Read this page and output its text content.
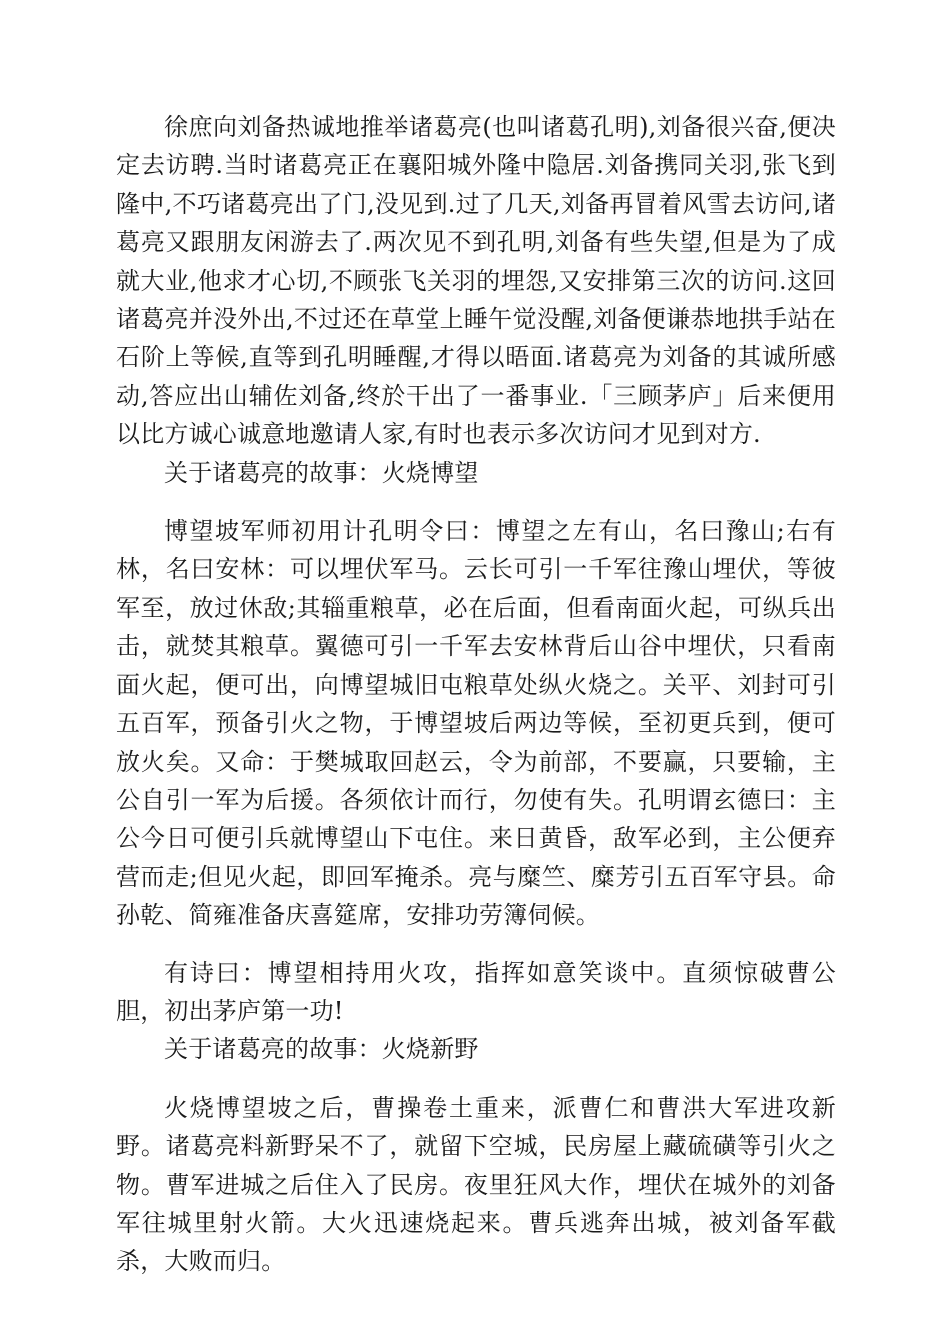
徐庶向刘备热诚地推举诸葛亮(也叫诸葛孔明),刘备很兴奋,便决定去访聘.当时诸葛亮正在襄阳城外隆中隐居.刘备携同关羽,张飞到隆中,不巧诸葛亮出了门,没见到.过了几天,刘备再冒着风雪去访问,诸葛亮又跟朋友闲游去了.两次见不到孔明,刘备有些失望,但是为了成就大业,他求才心切,不顾张飞关羽的埋怨,又安排第三次的访问.这回诸葛亮并没外出,不过还在草堂上睡午觉没醒,刘备便谦恭地拱手站在石阶上等候,直等到孔明睡醒,才得以晤面.诸葛亮为刘备的其诚所感动,答应出山辅佐刘备,终於干出了一番事业.「三顾茅庐」后来便用以比方诚心诚意地邀请人家,有时也表示多次访问才见到对方.

关于诸葛亮的故事：火烧博望

博望坡军师初用计孔明令曰：博望之左有山，名曰豫山;右有林，名曰安林：可以埋伏军马。云长可引一千军往豫山埋伏，等彼军至，放过休敌;其辎重粮草，必在后面，但看南面火起，可纵兵出击，就焚其粮草。翼德可引一千军去安林背后山谷中埋伏，只看南面火起，便可出，向博望城旧屯粮草处纵火烧之。关平、刘封可引五百军，预备引火之物，于博望坡后两边等候，至初更兵到，便可放火矣。又命：于樊城取回赵云，令为前部，不要赢，只要输，主公自引一军为后援。各须依计而行，勿使有失。孔明谓玄德曰：主公今日可便引兵就博望山下屯住。来日黄昏，敌军必到，主公便弃营而走;但见火起，即回军掩杀。亮与糜竺、糜芳引五百军守县。命孙乾、简雍准备庆喜筵席，安排功劳簿伺候。

有诗曰：博望相持用火攻，指挥如意笑谈中。直须惊破曹公胆，初出茅庐第一功!

关于诸葛亮的故事：火烧新野

火烧博望坡之后，曹操卷土重来，派曹仁和曹洪大军进攻新野。诸葛亮料新野呆不了，就留下空城，民房屋上藏硫磺等引火之物。曹军进城之后住入了民房。夜里狂风大作，埋伏在城外的刘备军往城里射火箭。大火迅速烧起来。曹兵逃奔出城，被刘备军截杀，大败而归。
